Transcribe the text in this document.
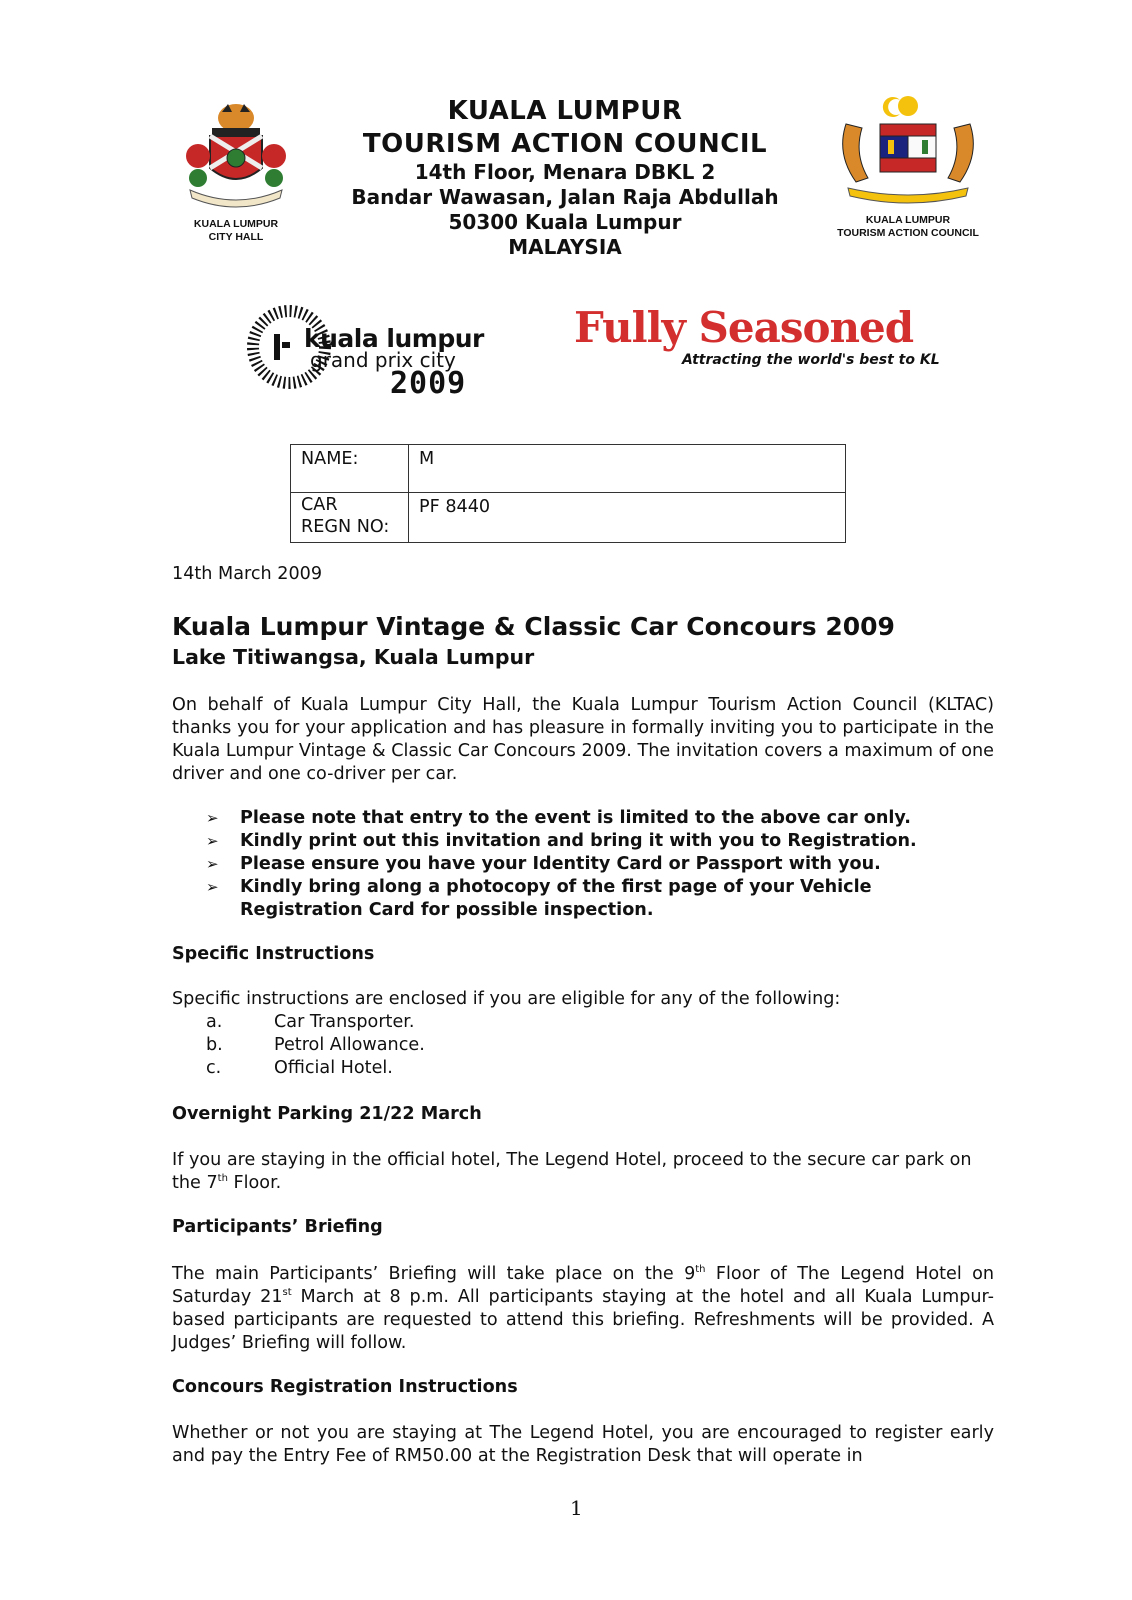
KUALA LUMPUR
CITY HALL
KUALA LUMPUR
TOURISM ACTION COUNCIL
14th Floor, Menara DBKL 2
Bandar Wawasan, Jalan Raja Abdullah
50300 Kuala Lumpur
MALAYSIA
KUALA LUMPUR
TOURISM ACTION COUNCIL
kuala lumpur
grand prix city
2009
Fully Seasoned
Attracting the world's best to KL
NAME:	M

CAR
REGN NO:	PF 8440
14th March 2009
Kuala Lumpur Vintage & Classic Car Concours 2009
Lake Titiwangsa, Kuala Lumpur
On behalf of Kuala Lumpur City Hall, the Kuala Lumpur Tourism Action Council (KLTAC) thanks you for your application and has pleasure in formally inviting you to participate in the Kuala Lumpur Vintage & Classic Car Concours 2009. The invitation covers a maximum of one driver and one co-driver per car.
➢	Please note that entry to the event is limited to the above car only.
➢	Kindly print out this invitation and bring it with you to Registration.
➢	Please ensure you have your Identity Card or Passport with you.
➢	Kindly bring along a photocopy of the first page of your Vehicle Registration Card for possible inspection.
Specific Instructions
Specific instructions are enclosed if you are eligible for any of the following:
a.	Car Transporter.
b.	Petrol Allowance.
c.	Official Hotel.
Overnight Parking 21/22 March
If you are staying in the official hotel, The Legend Hotel, proceed to the secure car park on the 7th Floor.
Participants’ Briefing
The main Participants’ Briefing will take place on the 9th Floor of The Legend Hotel on Saturday 21st March at 8 p.m. All participants staying at the hotel and all Kuala Lumpur-based participants are requested to attend this briefing. Refreshments will be provided. A Judges’ Briefing will follow.
Concours Registration Instructions
Whether or not you are staying at The Legend Hotel, you are encouraged to register early and pay the Entry Fee of RM50.00 at the Registration Desk that will operate in
1
